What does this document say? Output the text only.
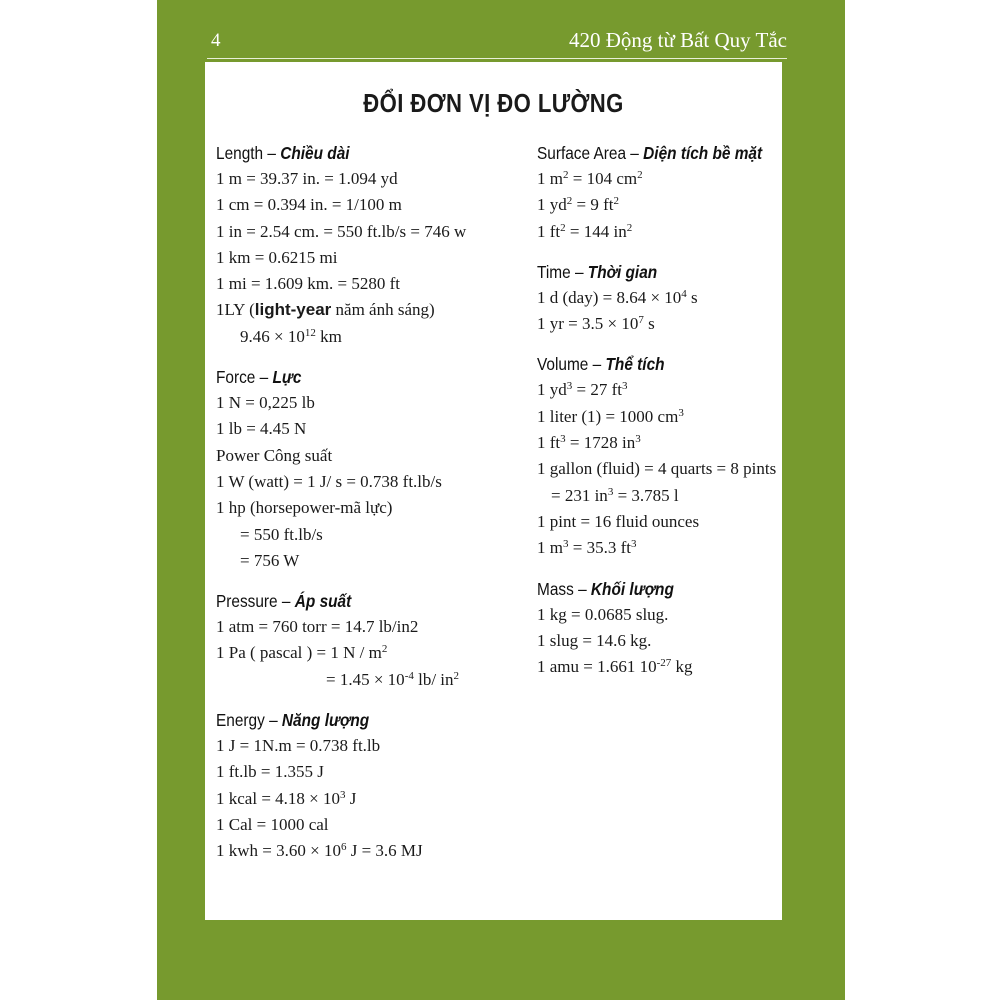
4	420 Động từ Bất Quy Tắc
ĐỔI ĐƠN VỊ ĐO LƯỜNG
Length – Chiều dài
1 m = 39.37 in. = 1.094 yd
1 cm = 0.394 in. = 1/100 m
1 in = 2.54 cm. = 550 ft.lb/s = 746 w
1 km = 0.6215 mi
1 mi = 1.609 km. = 5280 ft
1LY (light-year năm ánh sáng)
$9.46 \times 10^{12}$ km
Force – Lực
1 N = 0,225 lb
1 lb = 4.45 N
Power Công suất
1 W (watt) = 1 J/ s = 0.738 ft.lb/s
1 hp (horsepower-mã lực)
= 550 ft.lb/s
= 756 W
Pressure – Áp suất
1 atm = 760 torr = 14.7 lb/in2
1 Pa ( pascal ) = 1 N / $m^2$
= $1.45 \times 10^{-4}$ lb/ $in^2$
Energy – Năng lượng
1 J = 1N.m = 0.738 ft.lb
1 ft.lb = 1.355 J
1 kcal = $4.18 \times 10^3$ J
1 Cal = 1000 cal
1 kwh = $3.60 \times 10^6$ J = 3.6 MJ
Surface Area – Diện tích bề mặt
1 $m^2 = 104$ $cm^2$
1 $yd^2 = 9$ $ft^2$
1 $ft^2 = 144$ $in^2$
Time – Thời gian
1 d $(day) = 8.64 \times 10^4$ s
1 yr = $3.5 \times 10^7$ s
Volume – Thể tích
1 $yd^3 = 27$ $ft^3$
1 liter (1) = 1000 $cm^3$
1 $ft^3 = 1728$ $in^3$
1 gallon (fluid) = 4 quarts = 8 pints
= 231 $in^3 = 3.785$ l
1 pint = 16 fluid ounces
1 $m^3 = 35.3$ $ft^3$
Mass – Khối lượng
1 kg = 0.0685 slug.
1 slug = 14.6 kg.
1 amu = 1.661 $10^{-27}$ kg
